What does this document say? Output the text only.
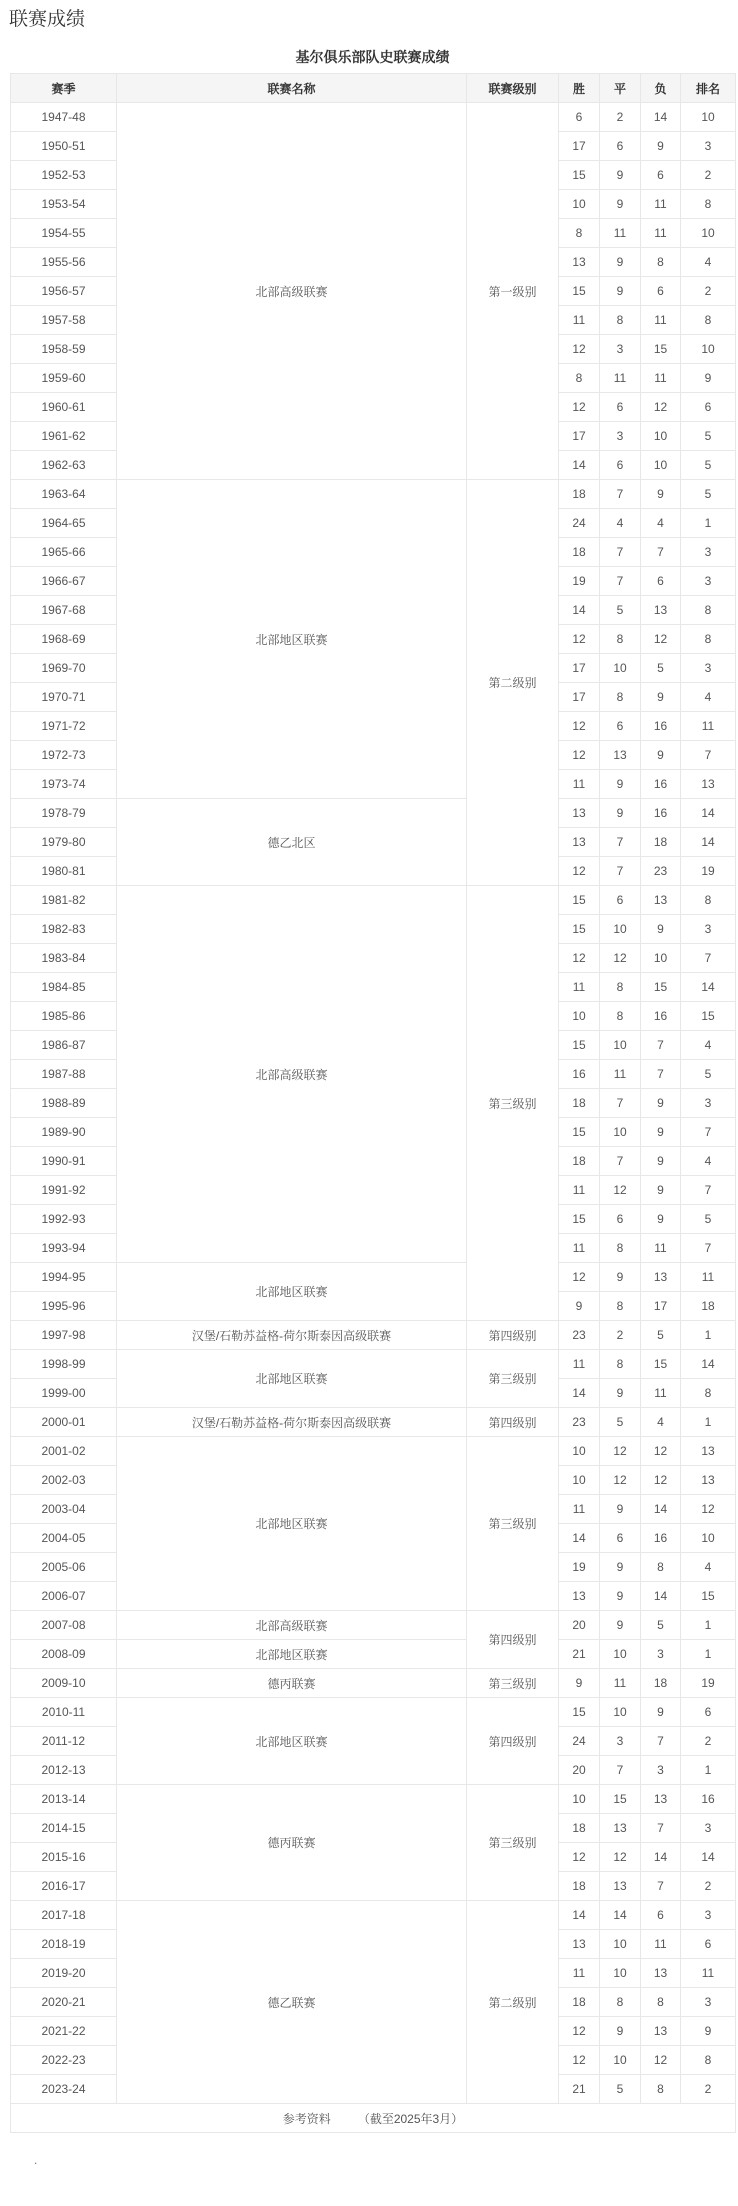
联赛成绩
基尔俱乐部队史联赛成绩
赛季	联赛名称	联赛级别	胜	平	负	排名
1947-48	北部高级联赛	第一级别	6	2	14	10
1950-51			17	6	9	3
1952-53			15	9	6	2
1953-54			10	9	11	8
1954-55			8	11	11	10
1955-56			13	9	8	4
1956-57			15	9	6	2
1957-58			11	8	11	8
1958-59			12	3	15	10
1959-60			8	11	11	9
1960-61			12	6	12	6
1961-62			17	3	10	5
1962-63			14	6	10	5
1963-64	北部地区联赛	第二级别	18	7	9	5
1964-65			24	4	4	1
1965-66			18	7	7	3
1966-67			19	7	6	3
1967-68			14	5	13	8
1968-69			12	8	12	8
1969-70			17	10	5	3
1970-71			17	8	9	4
1971-72			12	6	16	11
1972-73			12	13	9	7
1973-74			11	9	16	13
1978-79	德乙北区		13	9	16	14
1979-80			13	7	18	14
1980-81			12	7	23	19
1981-82	北部高级联赛	第三级别	15	6	13	8
1982-83			15	10	9	3
1983-84			12	12	10	7
1984-85			11	8	15	14
1985-86			10	8	16	15
1986-87			15	10	7	4
1987-88			16	11	7	5
1988-89			18	7	9	3
1989-90			15	10	9	7
1990-91			18	7	9	4
1991-92			11	12	9	7
1992-93			15	6	9	5
1993-94			11	8	11	7
1994-95	北部地区联赛		12	9	13	11
1995-96			9	8	17	18
1997-98	汉堡/石勒苏益格-荷尔斯泰因高级联赛	第四级别	23	2	5	1
1998-99	北部地区联赛	第三级别	11	8	15	14
1999-00			14	9	11	8
2000-01	汉堡/石勒苏益格-荷尔斯泰因高级联赛	第四级别	23	5	4	1
2001-02	北部地区联赛	第三级别	10	12	12	13
2002-03			10	12	12	13
2003-04			11	9	14	12
2004-05			14	6	16	10
2005-06			19	9	8	4
2006-07			13	9	14	15
2007-08	北部高级联赛	第四级别	20	9	5	1
2008-09	北部地区联赛		21	10	3	1
2009-10	德丙联赛	第三级别	9	11	18	19
2010-11	北部地区联赛	第四级别	15	10	9	6
2011-12			24	3	7	2
2012-13			20	7	3	1
2013-14	德丙联赛	第三级别	10	15	13	16
2014-15			18	13	7	3
2015-16			12	12	14	14
2016-17			18	13	7	2
2017-18	德乙联赛	第二级别	14	14	6	3
2018-19			13	10	11	6
2019-20			11	10	13	11
2020-21			18	8	8	3
2021-22			12	9	13	9
2022-23			12	10	12	8
2023-24			21	5	8	2
参考资料 （截至2025年3月）						
.
